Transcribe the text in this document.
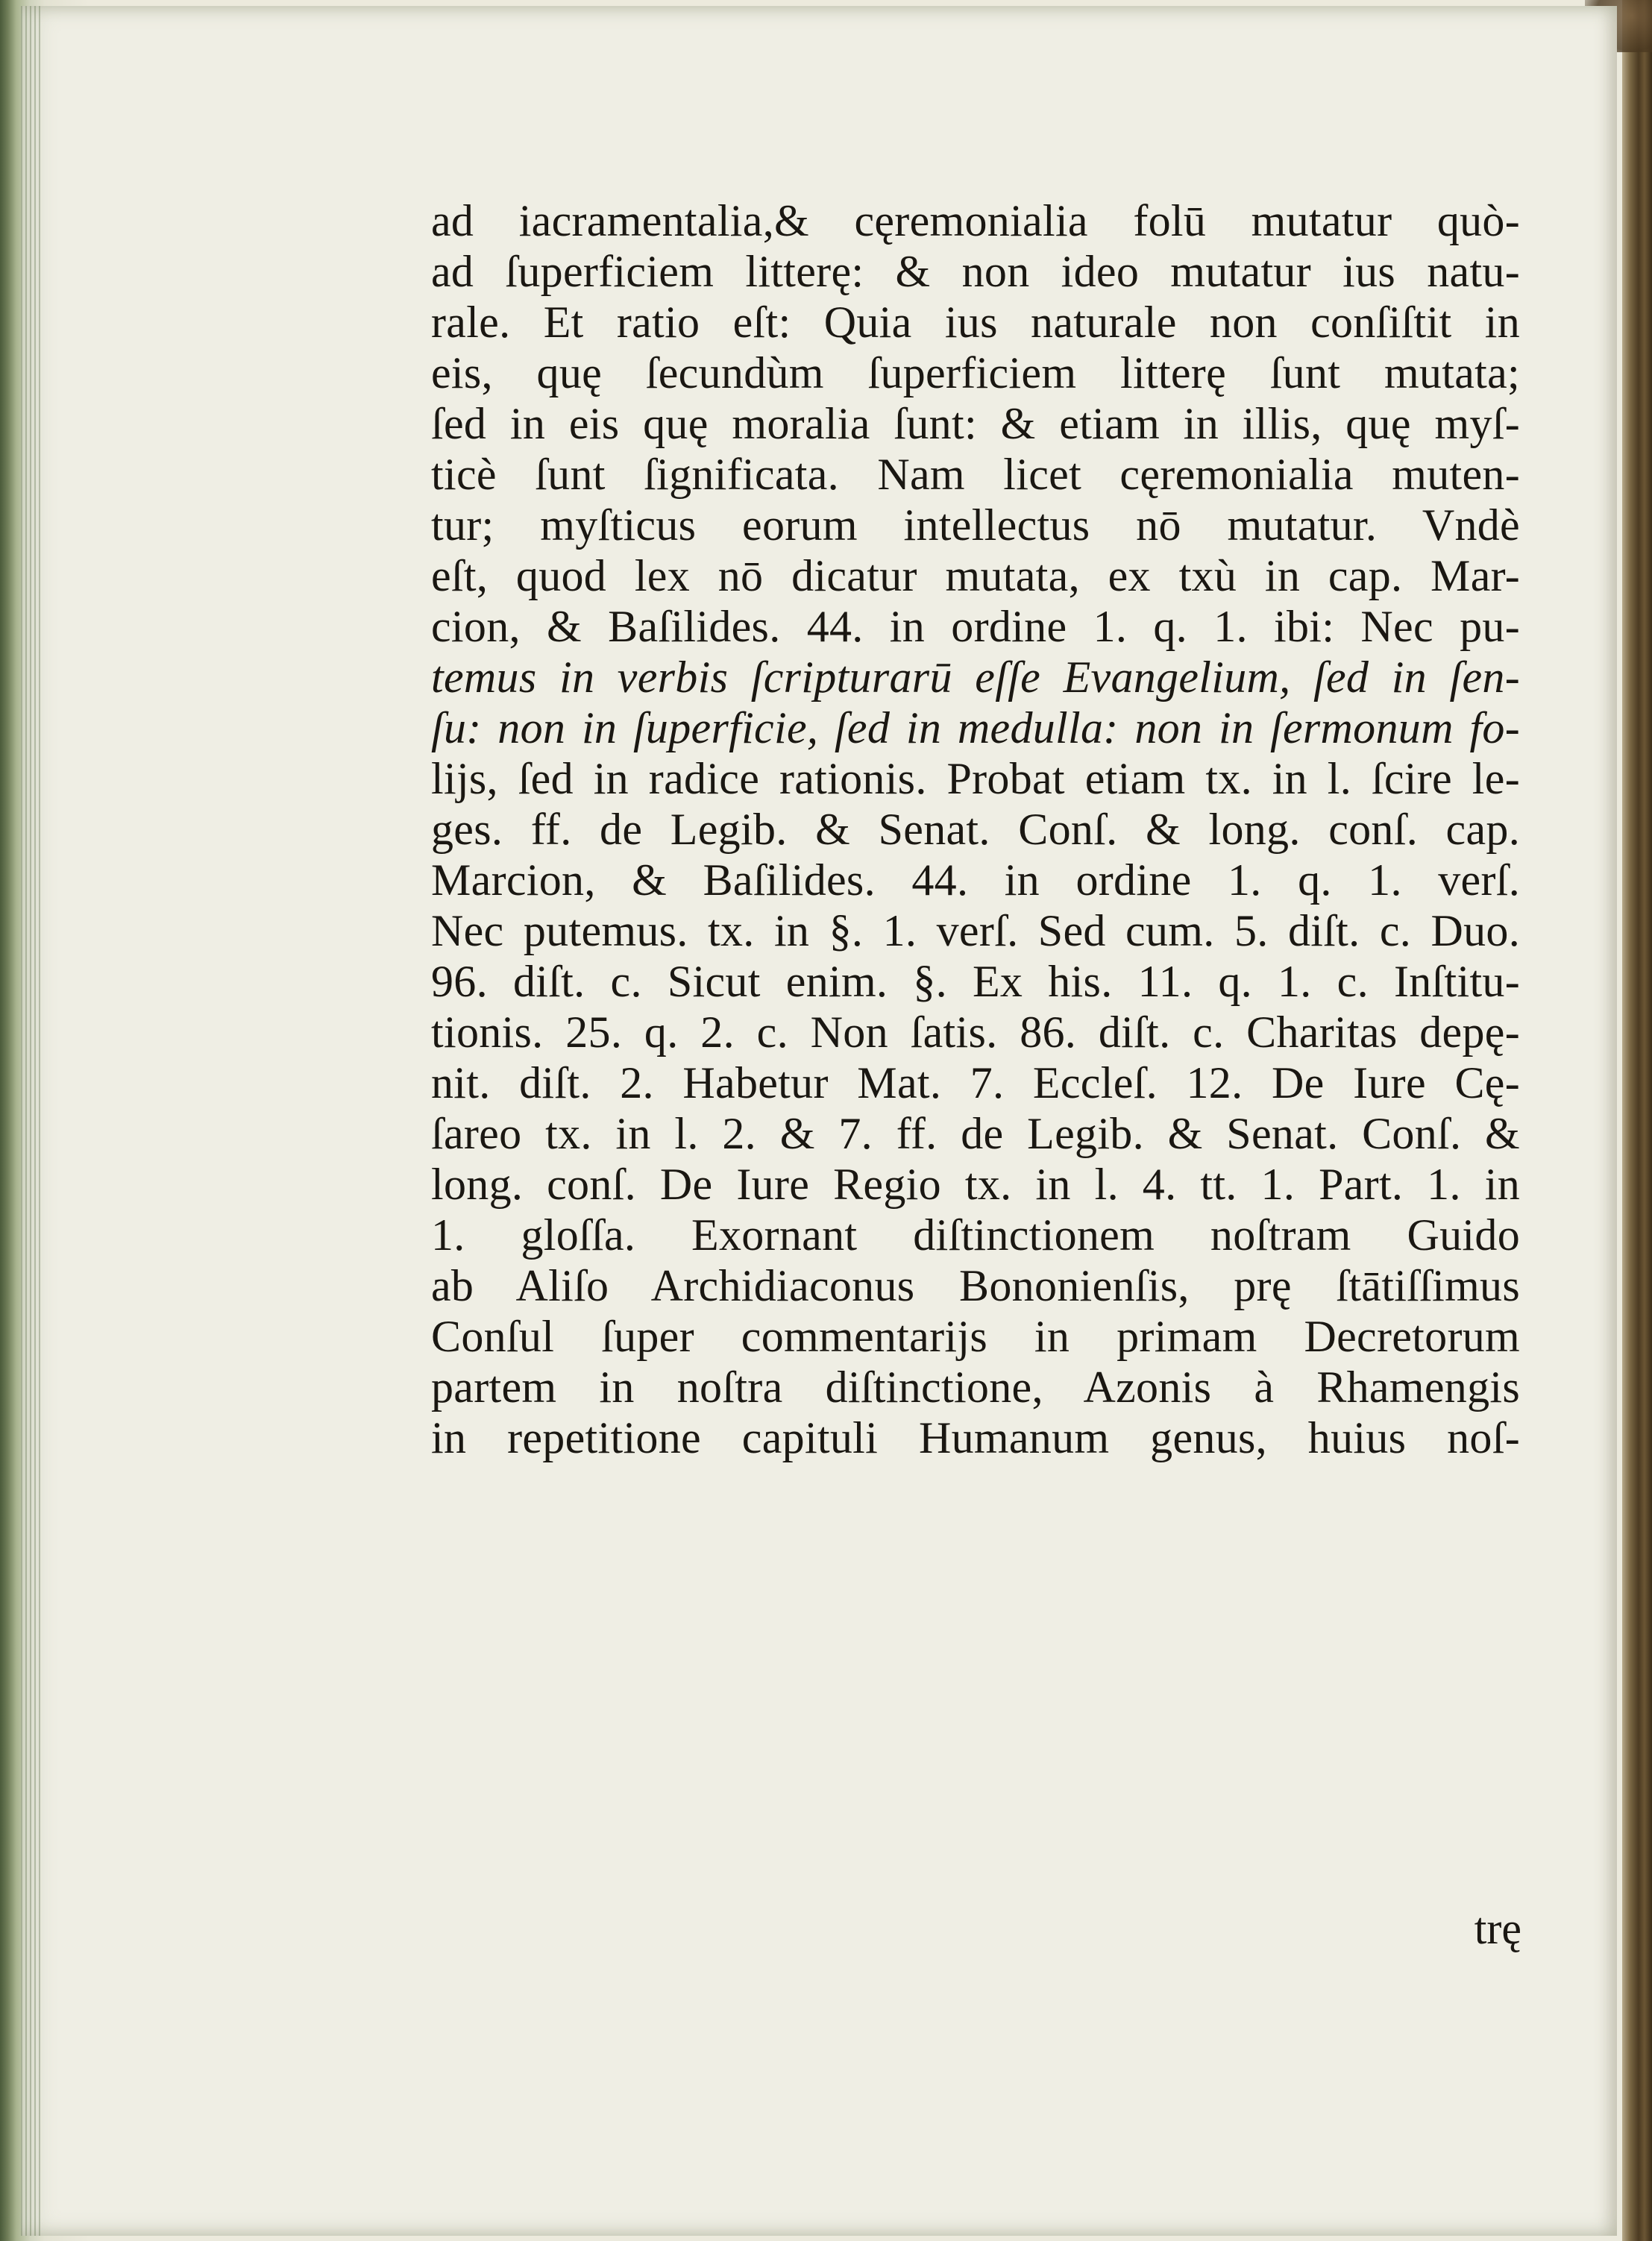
ad iacramentalia,& cęremonialia folū mutatur quò-
ad ſuperficiem litterę: & non ideo mutatur ius natu-
rale. Et ratio eſt: Quia ius naturale non conſiſtit in
eis, quę ſecundùm ſuperficiem litterę ſunt mutata;
ſed in eis quę moralia ſunt: & etiam in illis, quę myſ-
ticè ſunt ſignificata. Nam licet cęremonialia muten-
tur; myſticus eorum intellectus nō mutatur. Vndè
eſt, quod lex nō dicatur mutata, ex txù in cap. Mar-
cion, & Baſilides. 44. in ordine 1. q. 1. ibi: Nec pu-
temus in verbis ſcripturarū eſſe Evangelium, ſed in ſen-
ſu: non in ſuperficie, ſed in medulla: non in ſermonum fo-
lijs, ſed in radice rationis. Probat etiam tx. in l. ſcire le-
ges. ff. de Legib. & Senat. Conſ. & long. conſ. cap.
Marcion, & Baſilides. 44. in ordine 1. q. 1. verſ.
Nec putemus. tx. in §. 1. verſ. Sed cum. 5. diſt. c. Duo.
96. diſt. c. Sicut enim. §. Ex his. 11. q. 1. c. Inſtitu-
tionis. 25. q. 2. c. Non ſatis. 86. diſt. c. Charitas depę-
nit. diſt. 2. Habetur Mat. 7. Eccleſ. 12. De Iure Cę-
ſareo tx. in l. 2. & 7. ff. de Legib. & Senat. Conſ. &
long. conſ. De Iure Regio tx. in l. 4. tt. 1. Part. 1. in
1. gloſſa. Exornant diſtinctionem noſtram Guido
ab Aliſo Archidiaconus Bononienſis, prę ſtātiſſimus
Conſul ſuper commentarijs in primam Decretorum
partem in noſtra diſtinctione, Azonis à Rhamengis
in repetitione capituli Humanum genus, huius noſ-
trę
